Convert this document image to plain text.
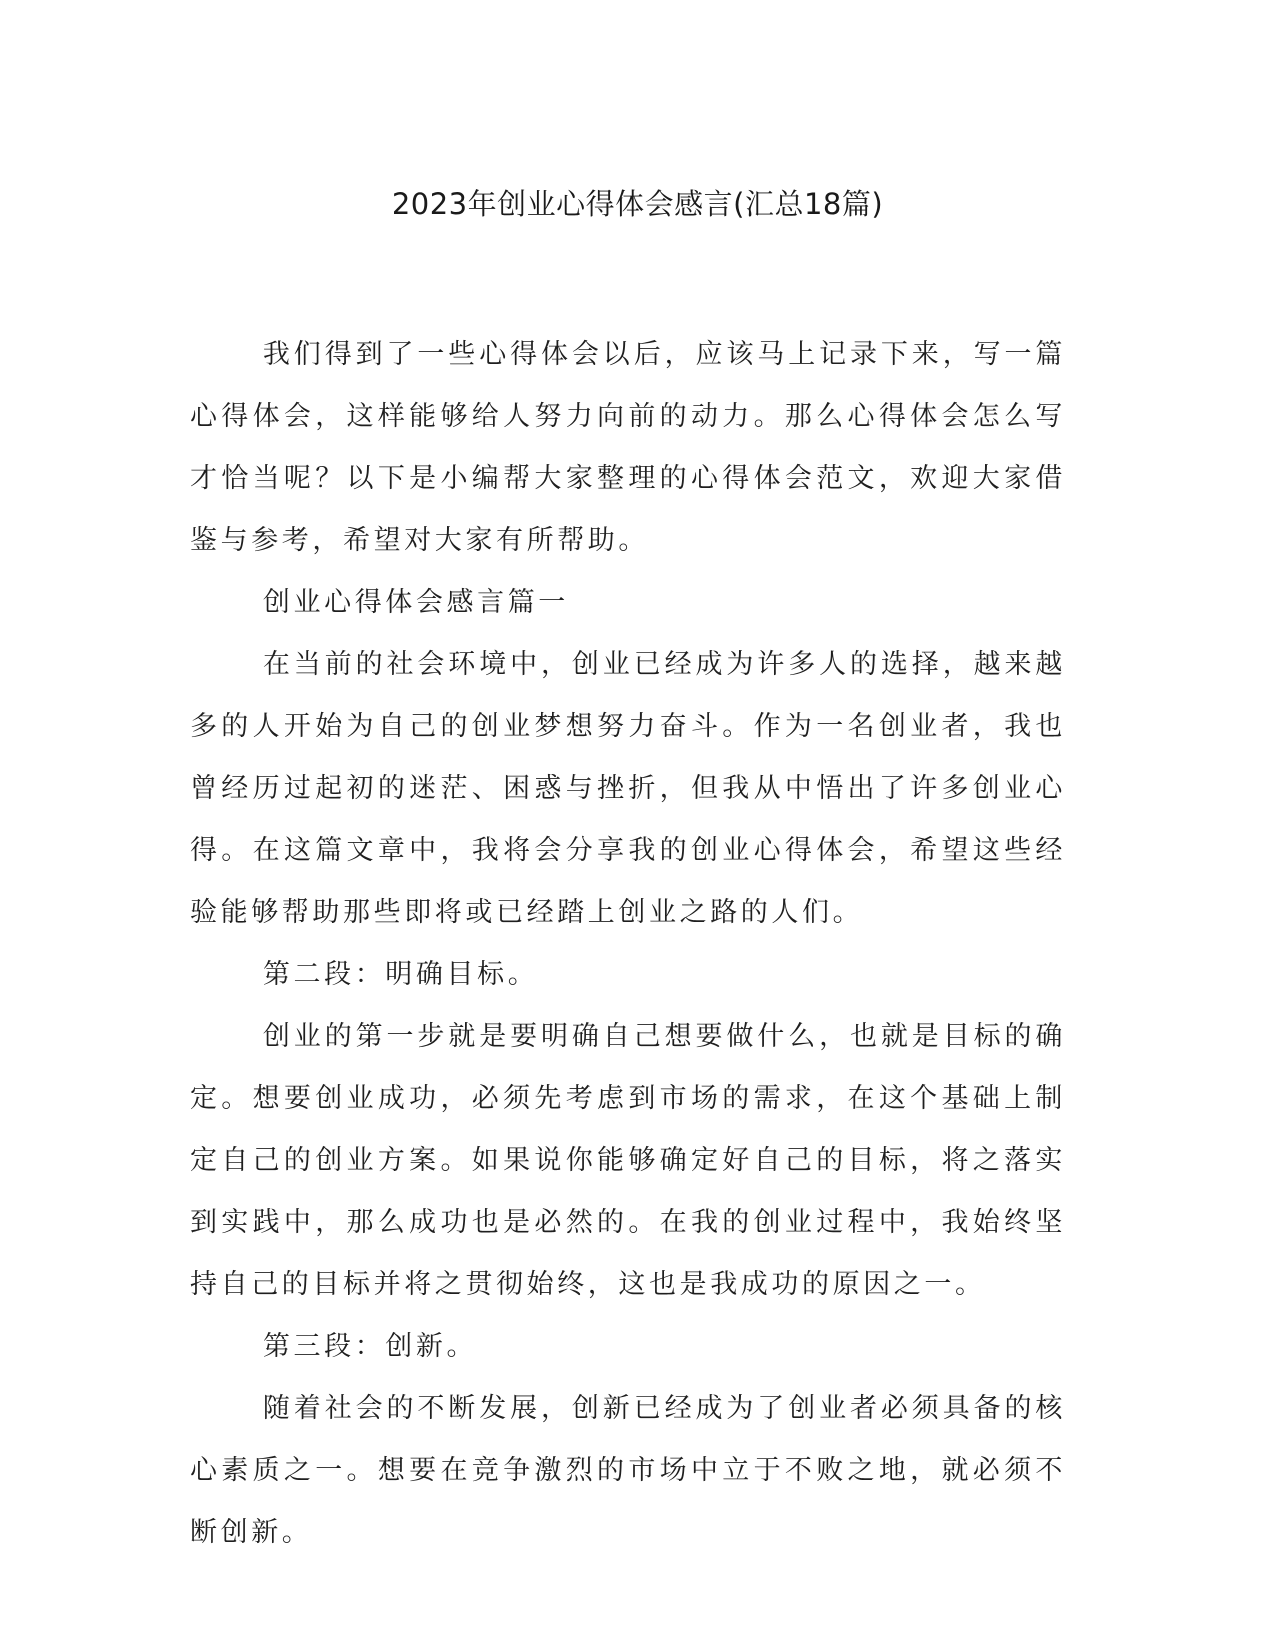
2023年创业心得体会感言(汇总18篇)

我们得到了一些心得体会以后，应该马上记录下来，写一篇心得体会，这样能够给人努力向前的动力。那么心得体会怎么写才恰当呢？以下是小编帮大家整理的心得体会范文，欢迎大家借鉴与参考，希望对大家有所帮助。

创业心得体会感言篇一

在当前的社会环境中，创业已经成为许多人的选择，越来越多的人开始为自己的创业梦想努力奋斗。作为一名创业者，我也曾经历过起初的迷茫、困惑与挫折，但我从中悟出了许多创业心得。在这篇文章中，我将会分享我的创业心得体会，希望这些经验能够帮助那些即将或已经踏上创业之路的人们。

第二段：明确目标。

创业的第一步就是要明确自己想要做什么，也就是目标的确定。想要创业成功，必须先考虑到市场的需求，在这个基础上制定自己的创业方案。如果说你能够确定好自己的目标，将之落实到实践中，那么成功也是必然的。在我的创业过程中，我始终坚持自己的目标并将之贯彻始终，这也是我成功的原因之一。

第三段：创新。

随着社会的不断发展，创新已经成为了创业者必须具备的核心素质之一。想要在竞争激烈的市场中立于不败之地，就必须不断创新。
